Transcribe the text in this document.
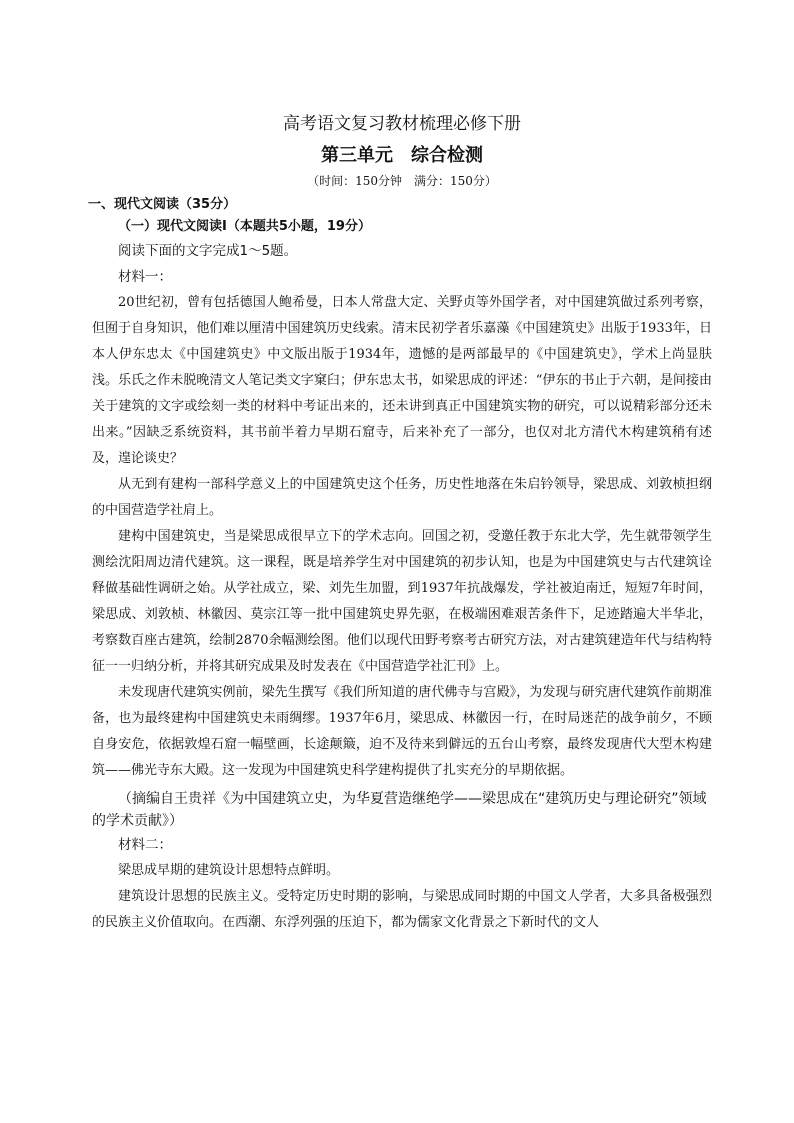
高考语文复习教材梳理必修下册
第三单元　综合检测
（时间：150分钟　满分：150分）
一、现代文阅读（35分）
（一）现代文阅读Ⅰ（本题共5小题，19分）
阅读下面的文字完成1～5题。
材料一：

20世纪初，曾有包括德国人鲍希曼，日本人常盘大定、关野贞等外国学者，对中国建筑做过系列考察，但囿于自身知识，他们难以厘清中国建筑历史线索。清末民初学者乐嘉藻《中国建筑史》出版于1933年，日本人伊东忠太《中国建筑史》中文版出版于1934年，遗憾的是两部最早的《中国建筑史》，学术上尚显肤浅。乐氏之作未脱晚清文人笔记类文字窠臼；伊东忠太书，如梁思成的评述：“伊东的书止于六朝，是间接由关于建筑的文字或绘刻一类的材料中考证出来的，还未讲到真正中国建筑实物的研究，可以说精彩部分还未出来。”因缺乏系统资料，其书前半着力早期石窟寺，后来补充了一部分，也仅对北方清代木构建筑稍有述及，遑论谈史？

从无到有建构一部科学意义上的中国建筑史这个任务，历史性地落在朱启钤领导，梁思成、刘敦桢担纲的中国营造学社肩上。

建构中国建筑史，当是梁思成很早立下的学术志向。回国之初，受邀任教于东北大学，先生就带领学生测绘沈阳周边清代建筑。这一课程，既是培养学生对中国建筑的初步认知，也是为中国建筑史与古代建筑诠释做基础性调研之始。从学社成立，梁、刘先生加盟，到1937年抗战爆发，学社被迫南迁，短短7年时间，梁思成、刘敦桢、林徽因、莫宗江等一批中国建筑史界先驱，在极端困难艰苦条件下，足迹踏遍大半华北，考察数百座古建筑，绘制2870余幅测绘图。他们以现代田野考察考古研究方法，对古建筑建造年代与结构特征一一归纳分析，并将其研究成果及时发表在《中国营造学社汇刊》上。

未发现唐代建筑实例前，梁先生撰写《我们所知道的唐代佛寺与宫殿》，为发现与研究唐代建筑作前期准备，也为最终建构中国建筑史未雨绸缪。1937年6月，梁思成、林徽因一行，在时局迷茫的战争前夕，不顾自身安危，依据敦煌石窟一幅壁画，长途颠簸，迫不及待来到僻远的五台山考察，最终发现唐代大型木构建筑——佛光寺东大殿。这一发现为中国建筑史科学建构提供了扎实充分的早期依据。

（摘编自王贵祥《为中国建筑立史，为华夏营造继绝学——梁思成在“建筑历史与理论研究”领域的学术贡献》）

材料二：

梁思成早期的建筑设计思想特点鲜明。

建筑设计思想的民族主义。受特定历史时期的影响，与梁思成同时期的中国文人学者，大多具备极强烈的民族主义价值取向。在西潮、东浮列强的压迫下，都为儒家文化背景之下新时代的文人
